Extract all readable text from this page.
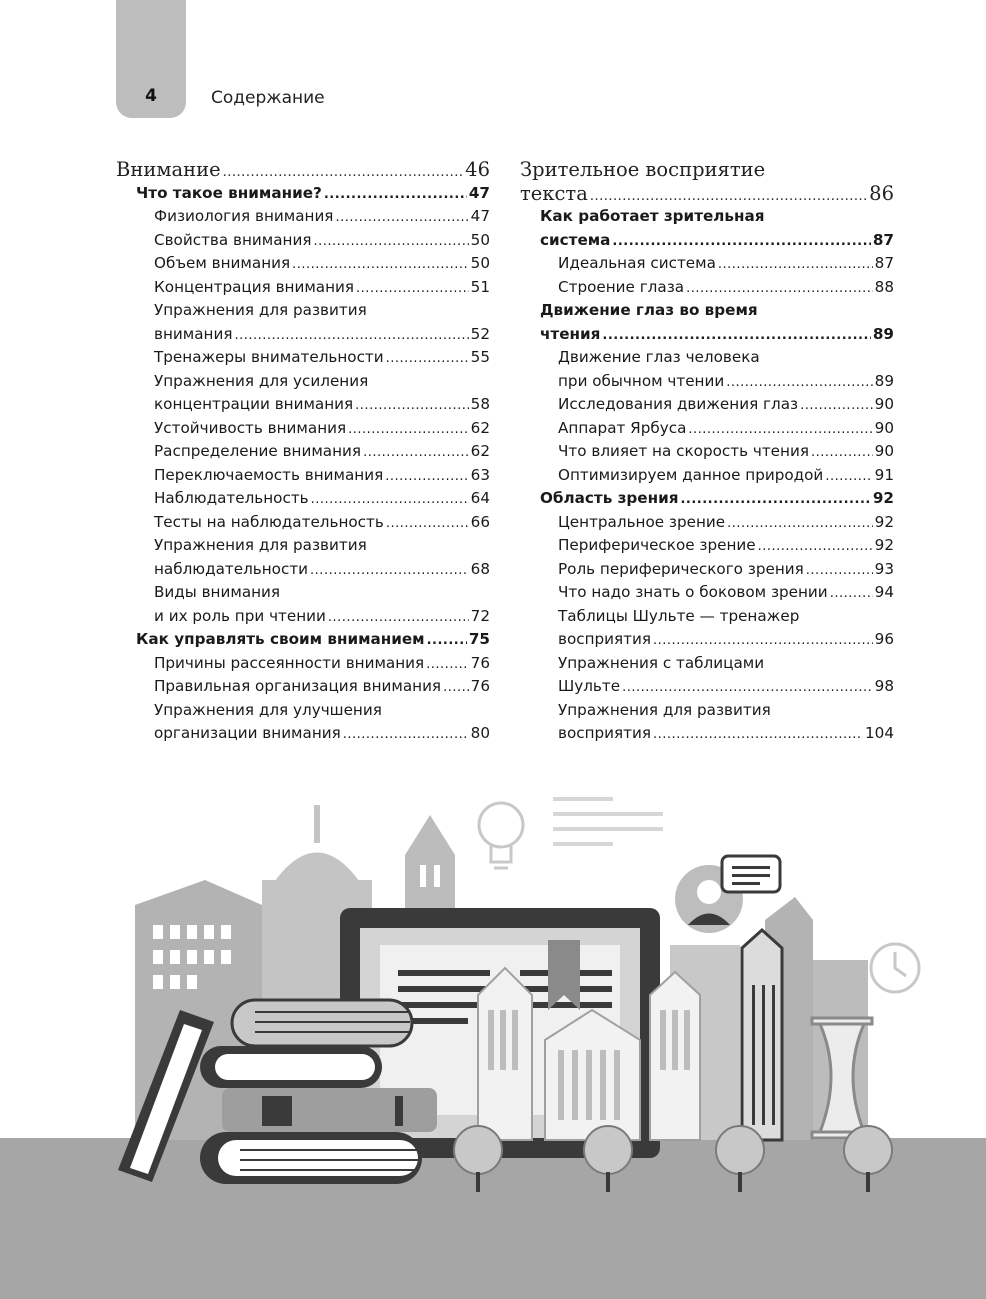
4	Содержание
Внимание .....	46
Что такое внимание? .....	47
Физиология внимания .....	47
Свойства внимания .....	50
Объем внимания .....	50
Концентрация внимания .....	51
Упражнения для развития
внимания .....	52
Тренажеры внимательности .....	55
Упражнения для усиления
концентрации внимания .....	58
Устойчивость внимания .....	62
Распределение внимания .....	62
Переключаемость внимания .....	63
Наблюдательность .....	64
Тесты на наблюдательность .....	66
Упражнения для развития
наблюдательности .....	68
Виды внимания
и их роль при чтении .....	72
Как управлять своим вниманием .....	75
Причины рассеянности внимания .....	76
Правильная организация внимания ..... 76
Упражнения для улучшения
организации внимания .....	80
Зрительное восприятие
текста .....	86
Как работает зрительная
система .....	87
Идеальная система .....	87
Строение глаза .....	88
Движение глаз во время
чтения .....	89
Движение глаз человека
при обычном чтении .....	89
Исследования движения глаз .....	90
Аппарат Ярбуса .....	90
Что влияет на скорость чтения .....	90
Оптимизируем данное природой .....	91
Область зрения .....	92
Центральное зрение .....	92
Периферическое зрение .....	92
Роль периферического зрения .....	93
Что надо знать о боковом зрении .....	94
Таблицы Шульте — тренажер
восприятия .....	96
Упражнения с таблицами
Шульте .....	98
Упражнения для развития
восприятия .....	104
